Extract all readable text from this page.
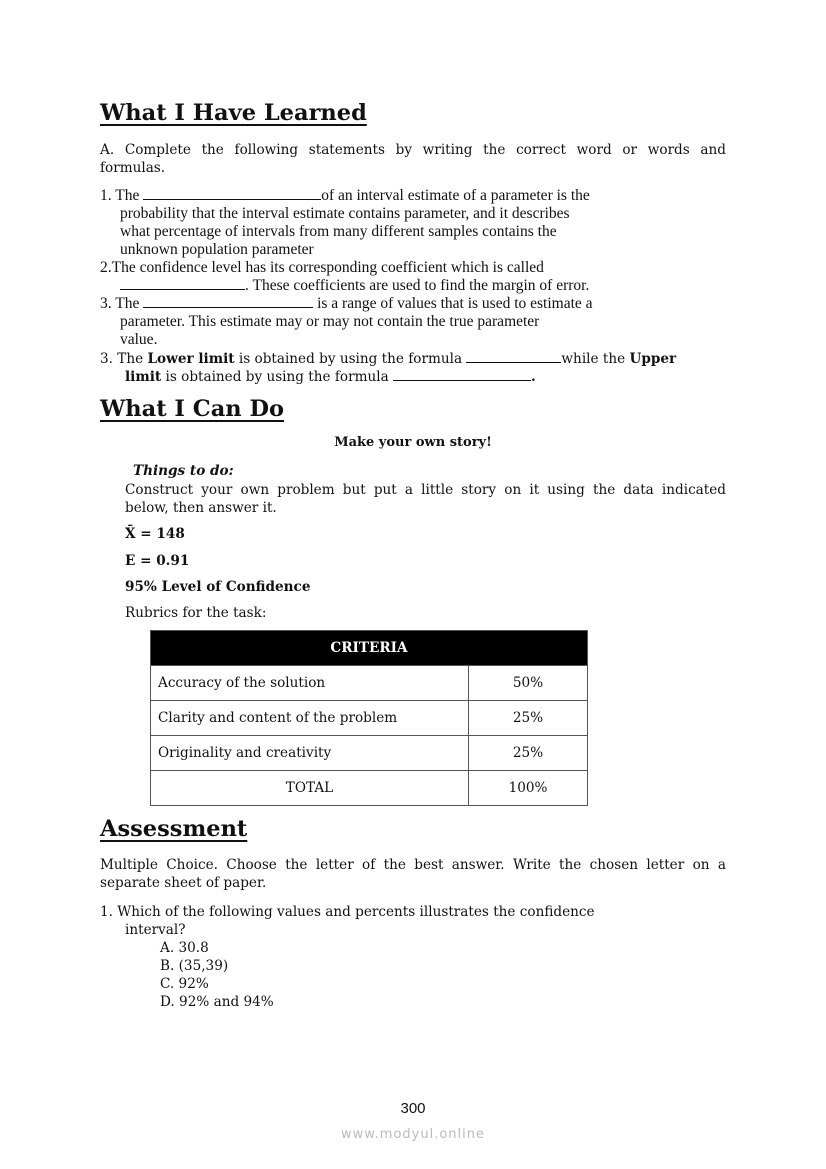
What I Have Learned
A. Complete the following statements by writing the correct word or words and
formulas.
1. The	of an interval estimate of a parameter is the
probability that the interval estimate contains parameter, and it describes
what percentage of intervals from many different samples contains the
unknown population parameter
2.The confidence level has its corresponding coefficient which is called
. These coefficients are used to find the margin of error.
3. The	is a range of values that is used to estimate a
parameter. This estimate may or may not contain the true parameter
value.
3. The Lower limit is obtained by using the formula	while the Upper
limit is obtained by using the formula	.
What I Can Do
Make your own story!
Things to do:
Construct your own problem but put a little story on it using the data indicated
below, then answer it.
X̄ = 148
E = 0.91
95% Level of Confidence
Rubrics for the task:
CRITERIA	
Accuracy of the solution	50%
Clarity and content of the problem	25%
Originality and creativity	25%
TOTAL	100%
Assessment
Multiple Choice. Choose the letter of the best answer. Write the chosen letter on a
separate sheet of paper.
1. Which of the following values and percents illustrates the confidence
interval?
A. 30.8
B. (35,39)
C. 92%
D. 92% and 94%
300
www.modyul.online
